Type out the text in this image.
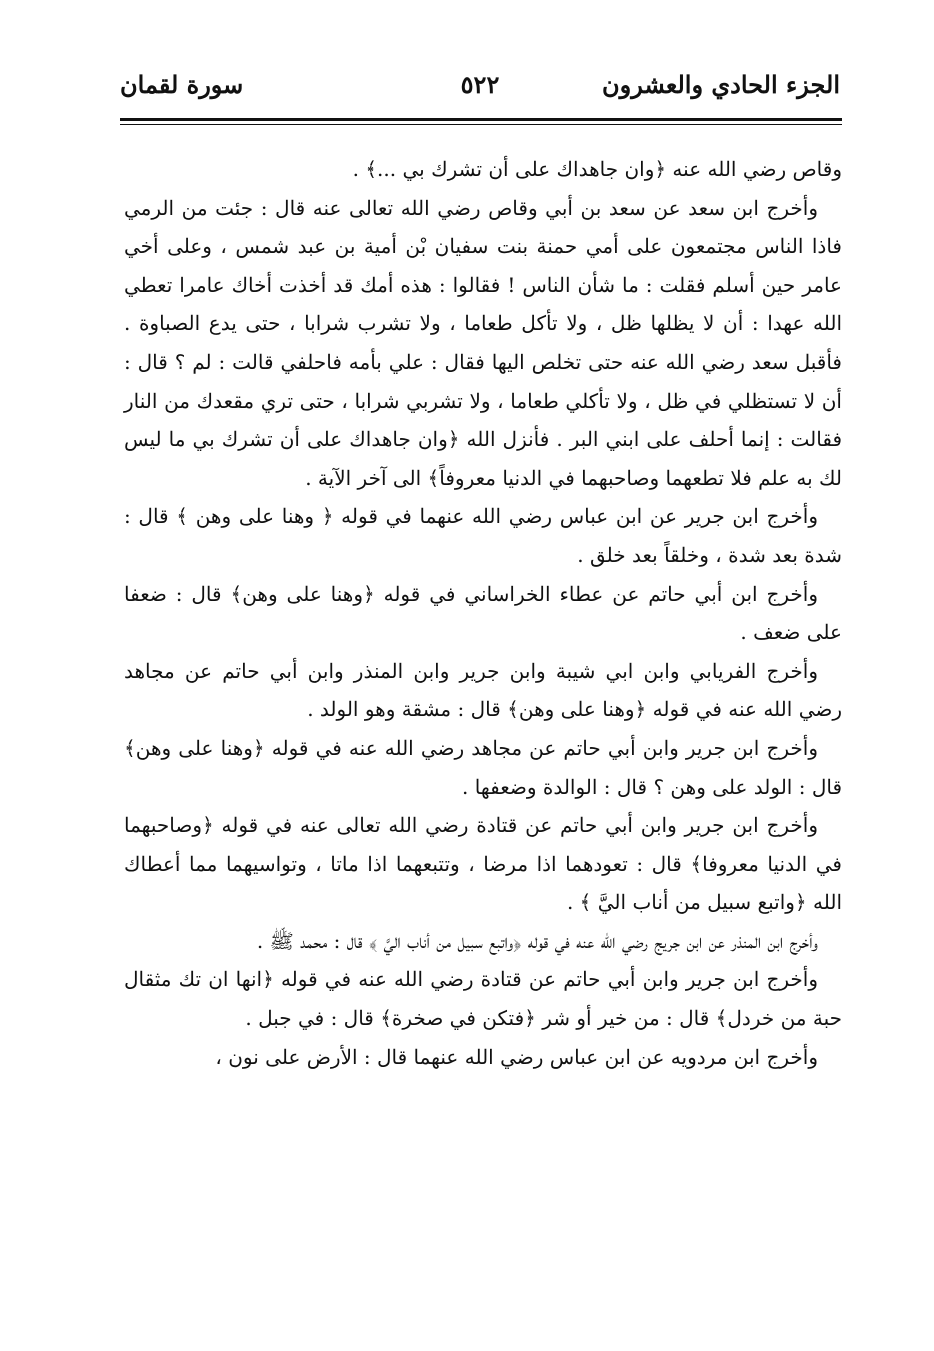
الجزء الحادي والعشرون
٥٢٢
سورة لقمان

وقاص رضي الله عنه ﴿وان جاهداك على أن تشرك بي ...﴾ .

وأخرج ابن سعد عن سعد بن أبي وقاص رضي الله تعالى عنه قال : جئت من الرمي فاذا الناس مجتمعون على أمي حمنة بنت سفيان بْن أمية بن عبد شمس ، وعلى أخي عامر حين أسلم فقلت : ما شأن الناس ! فقالوا : هذه أمك قد أخذت أخاك عامرا تعطي الله عهدا : أن لا يظلها ظل ، ولا تأكل طعاما ، ولا تشرب شرابا ، حتى يدع الصباوة . فأقبل سعد رضي الله عنه حتى تخلص اليها فقال : علي بأمه فاحلفي قالت : لم ؟ قال : أن لا تستظلي في ظل ، ولا تأكلي طعاما ، ولا تشربي شرابا ، حتى تري مقعدك من النار فقالت : إنما أحلف على ابني البر . فأنزل الله ﴿وان جاهداك على أن تشرك بي ما ليس لك به علم فلا تطعهما وصاحبهما في الدنيا معروفاً﴾ الى آخر الآية .

وأخرج ابن جرير عن ابن عباس رضي الله عنهما في قوله ﴿ وهنا على وهن ﴾ قال : شدة بعد شدة ، وخلقاً بعد خلق .

وأخرج ابن أبي حاتم عن عطاء الخراساني في قوله ﴿وهنا على وهن﴾ قال : ضعفا على ضعف .

وأخرج الفريابي وابن ابي شيبة وابن جرير وابن المنذر وابن أبي حاتم عن مجاهد رضي الله عنه في قوله ﴿وهنا على وهن﴾ قال : مشقة وهو الولد .

وأخرج ابن جرير وابن أبي حاتم عن مجاهد رضي الله عنه في قوله ﴿وهنا على وهن﴾ قال : الولد على وهن ؟ قال : الوالدة وضعفها .

وأخرج ابن جرير وابن أبي حاتم عن قتادة رضي الله تعالى عنه في قوله ﴿وصاحبهما في الدنيا معروفا﴾ قال : تعودهما اذا مرضا ، وتتبعهما اذا ماتا ، وتواسيهما مما أعطاك الله ﴿واتبع سبيل من أناب اليَّ ﴾ .

وأخرج ابن المنذر عن ابن جريج رضي الله عنه في قوله ﴿واتبع سبيل من أناب اليَّ ﴾ قال : محمد ﷺ .

وأخرج ابن جرير وابن أبي حاتم عن قتادة رضي الله عنه في قوله ﴿انها ان تك مثقال حبة من خردل﴾ قال : من خير أو شر ﴿فتكن في صخرة﴾ قال : في جبل .

وأخرج ابن مردويه عن ابن عباس رضي الله عنهما قال : الأرض على نون ،
